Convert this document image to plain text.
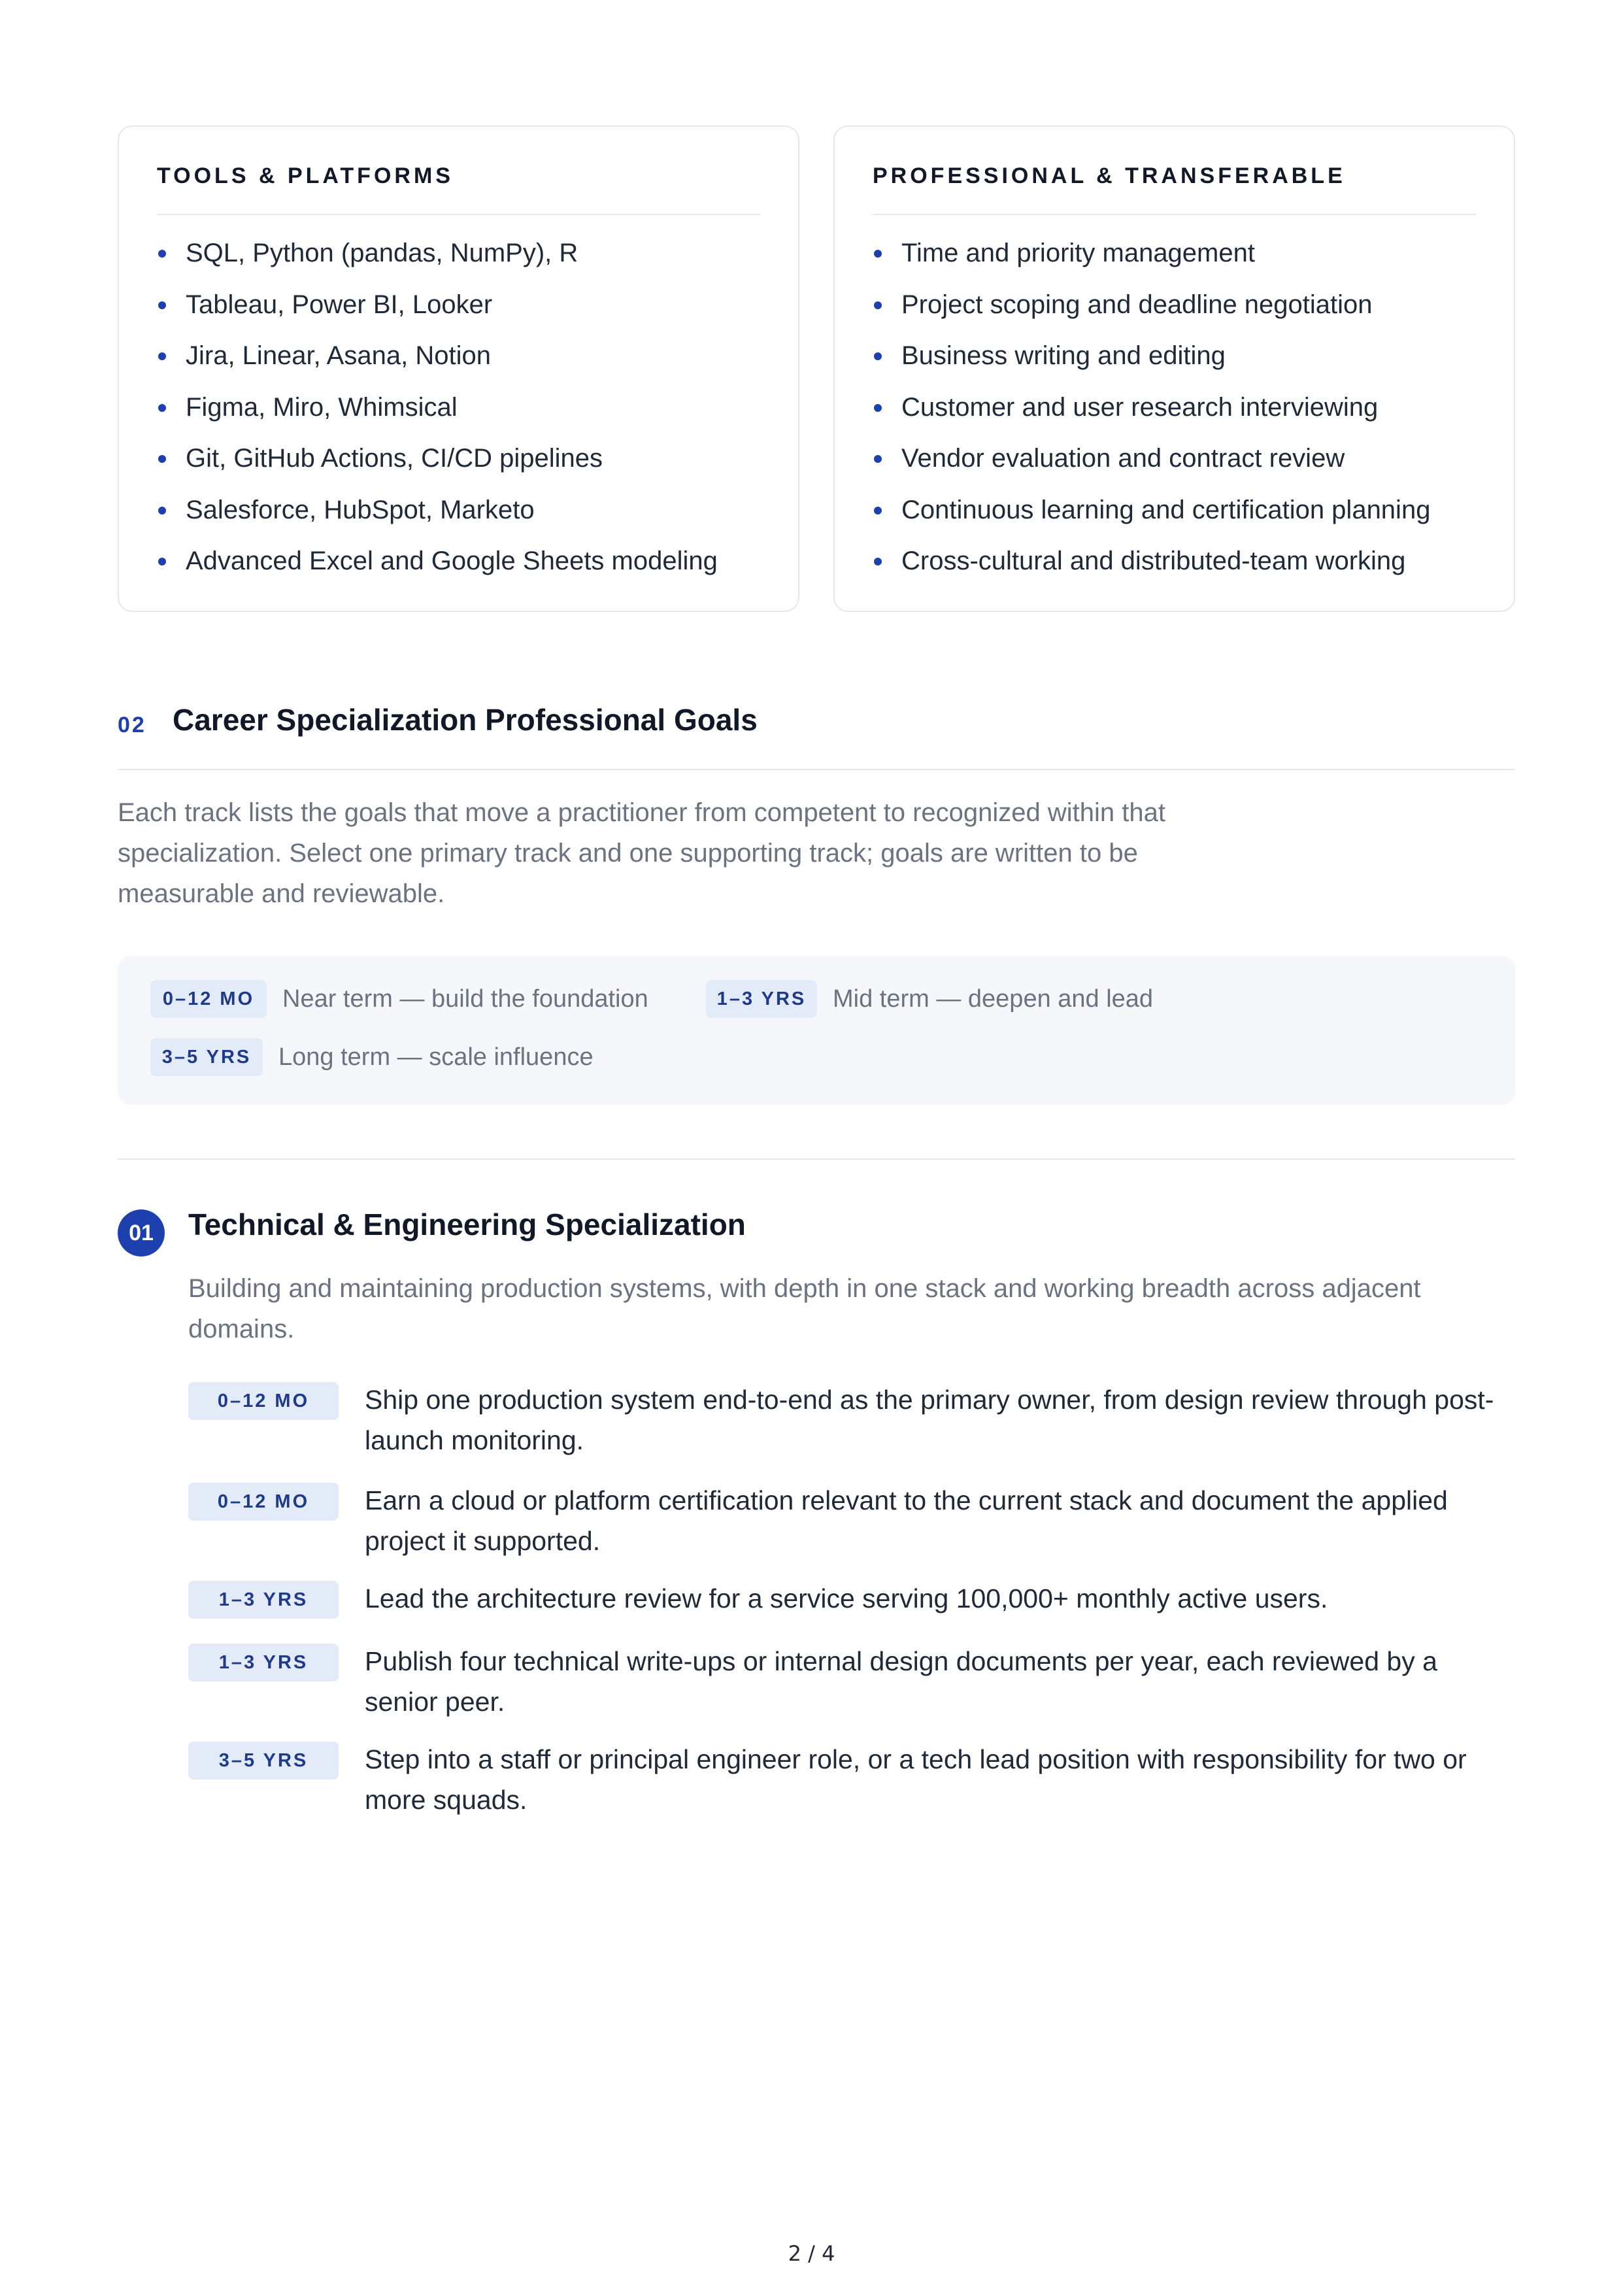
TOOLS & PLATFORMS
SQL, Python (pandas, NumPy), R
Tableau, Power BI, Looker
Jira, Linear, Asana, Notion
Figma, Miro, Whimsical
Git, GitHub Actions, CI/CD pipelines
Salesforce, HubSpot, Marketo
Advanced Excel and Google Sheets modeling
PROFESSIONAL & TRANSFERABLE
Time and priority management
Project scoping and deadline negotiation
Business writing and editing
Customer and user research interviewing
Vendor evaluation and contract review
Continuous learning and certification planning
Cross-cultural and distributed-team working
02 Career Specialization Professional Goals

Each track lists the goals that move a practitioner from competent to recognized within that specialization. Select one primary track and one supporting track; goals are written to be measurable and reviewable.

0–12 MO	Near term — build the foundation	1–3 YRS	Mid term — deepen and lead
3–5 YRS	Long term — scale influence
01	Technical & Engineering Specialization

Building and maintaining production systems, with depth in one stack and working breadth across adjacent domains.

0–12 MO	Ship one production system end-to-end as the primary owner, from design review through post-launch monitoring.
0–12 MO	Earn a cloud or platform certification relevant to the current stack and document the applied project it supported.
1–3 YRS	Lead the architecture review for a service serving 100,000+ monthly active users.
1–3 YRS	Publish four technical write-ups or internal design documents per year, each reviewed by a senior peer.
3–5 YRS	Step into a staff or principal engineer role, or a tech lead position with responsibility for two or more squads.
2 / 4
